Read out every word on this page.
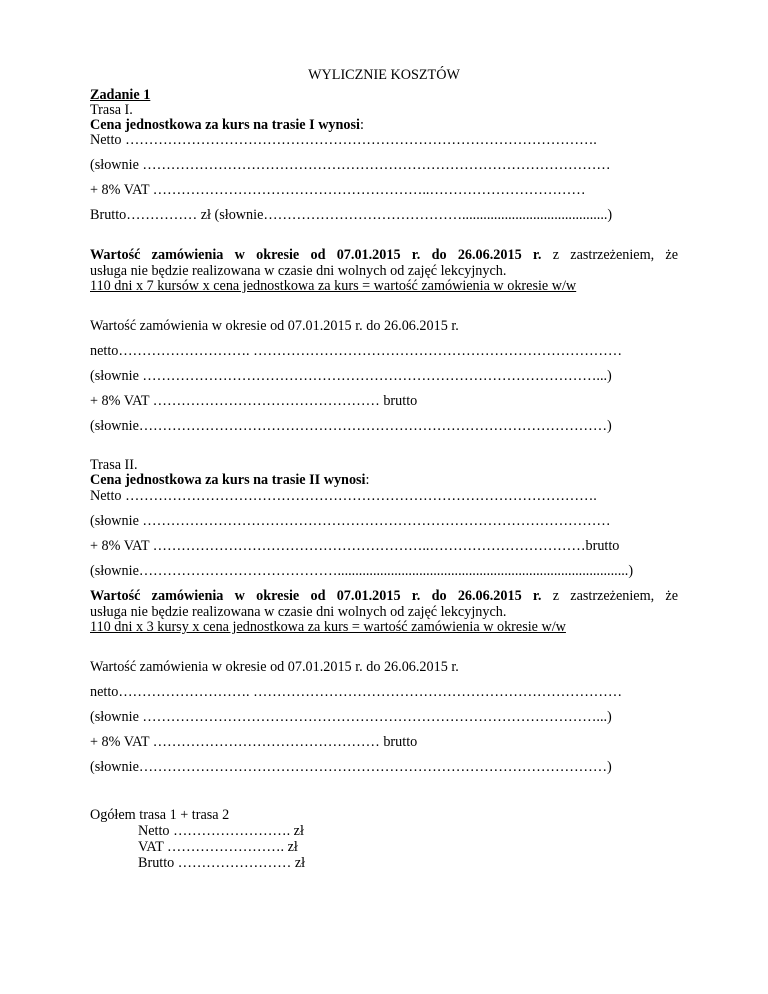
WYLICZNIE KOSZTÓW
Zadanie 1
Trasa I.
Cena jednostkowa za kurs na trasie I wynosi:
Netto ……………………………………………………………………………………….
(słownie ………………………………………………………………………………………
+ 8% VAT …………………………………………………..……………………………
Brutto…………… zł (słownie…………………………………….........................................)
Wartość zamówienia w okresie od 07.01.2015 r. do 26.06.2015 r. z zastrzeżeniem, że
usługa nie będzie realizowana w czasie dni wolnych od zajęć lekcyjnych.
110 dni x 7 kursów x cena jednostkowa za kurs = wartość zamówienia w okresie w/w
Wartość zamówienia w okresie od 07.01.2015 r. do 26.06.2015 r.
netto………………………. ……………………………………………………………………
(słownie ……………………………………………………………………………………...)
+ 8% VAT ………………………………………… brutto
(słownie………………………………………………………………………………………)
Trasa II.
Cena jednostkowa za kurs na trasie II wynosi:
Netto ……………………………………………………………………………………….
(słownie ………………………………………………………………………………………
+ 8% VAT …………………………………………………..……………………………brutto
(słownie……………………………………..................................................................................)
Wartość zamówienia w okresie od 07.01.2015 r. do 26.06.2015 r. z zastrzeżeniem, że
usługa nie będzie realizowana w czasie dni wolnych od zajęć lekcyjnych.
110 dni x 3 kursy x cena jednostkowa za kurs = wartość zamówienia w okresie w/w
Wartość zamówienia w okresie od 07.01.2015 r. do 26.06.2015 r.
netto………………………. ……………………………………………………………………
(słownie ……………………………………………………………………………………...)
+ 8% VAT ………………………………………… brutto
(słownie………………………………………………………………………………………)
Ogółem trasa 1 + trasa 2
Netto ……………………. zł
VAT ……………………. zł
Brutto …………………… zł
